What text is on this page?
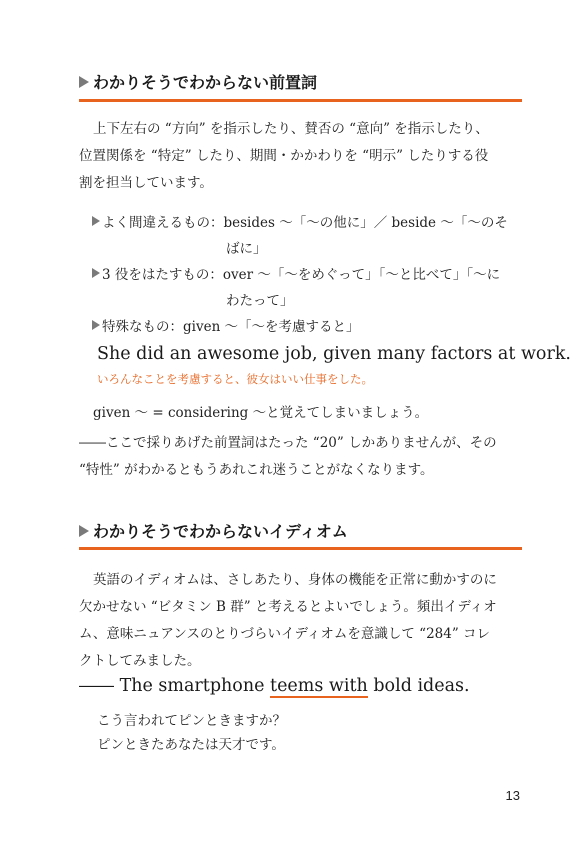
わかりそうでわからない前置詞
上下左右の “方向” を指示したり、賛否の “意向” を指示したり、
位置関係を “特定” したり、期間・かかわりを “明示” したりする役
割を担当しています。
よく間違えるもの： besides 〜「〜の他に」／ beside 〜「〜のそ
ばに」
3 役をはたすもの： over 〜「〜をめぐって」「〜と比べて」「〜に
わたって」
特殊なもの： given 〜「〜を考慮すると」
She did an awesome job, given many factors at work.
いろんなことを考慮すると、彼女はいい仕事をした。
given 〜 = considering 〜と覚えてしまいましょう。
――ここで採りあげた前置詞はたった “20” しかありませんが、その
“特性” がわかるともうあれこれ迷うことがなくなります。
わかりそうでわからないイディオム
英語のイディオムは、さしあたり、身体の機能を正常に動かすのに
欠かせない “ビタミン B 群” と考えるとよいでしょう。頻出イディオ
ム、意味ニュアンスのとりづらいイディオムを意識して “284” コレ
クトしてみました。
―― The smartphone teems with bold ideas.
こう言われてピンときますか？
ピンときたあなたは天才です。
13
